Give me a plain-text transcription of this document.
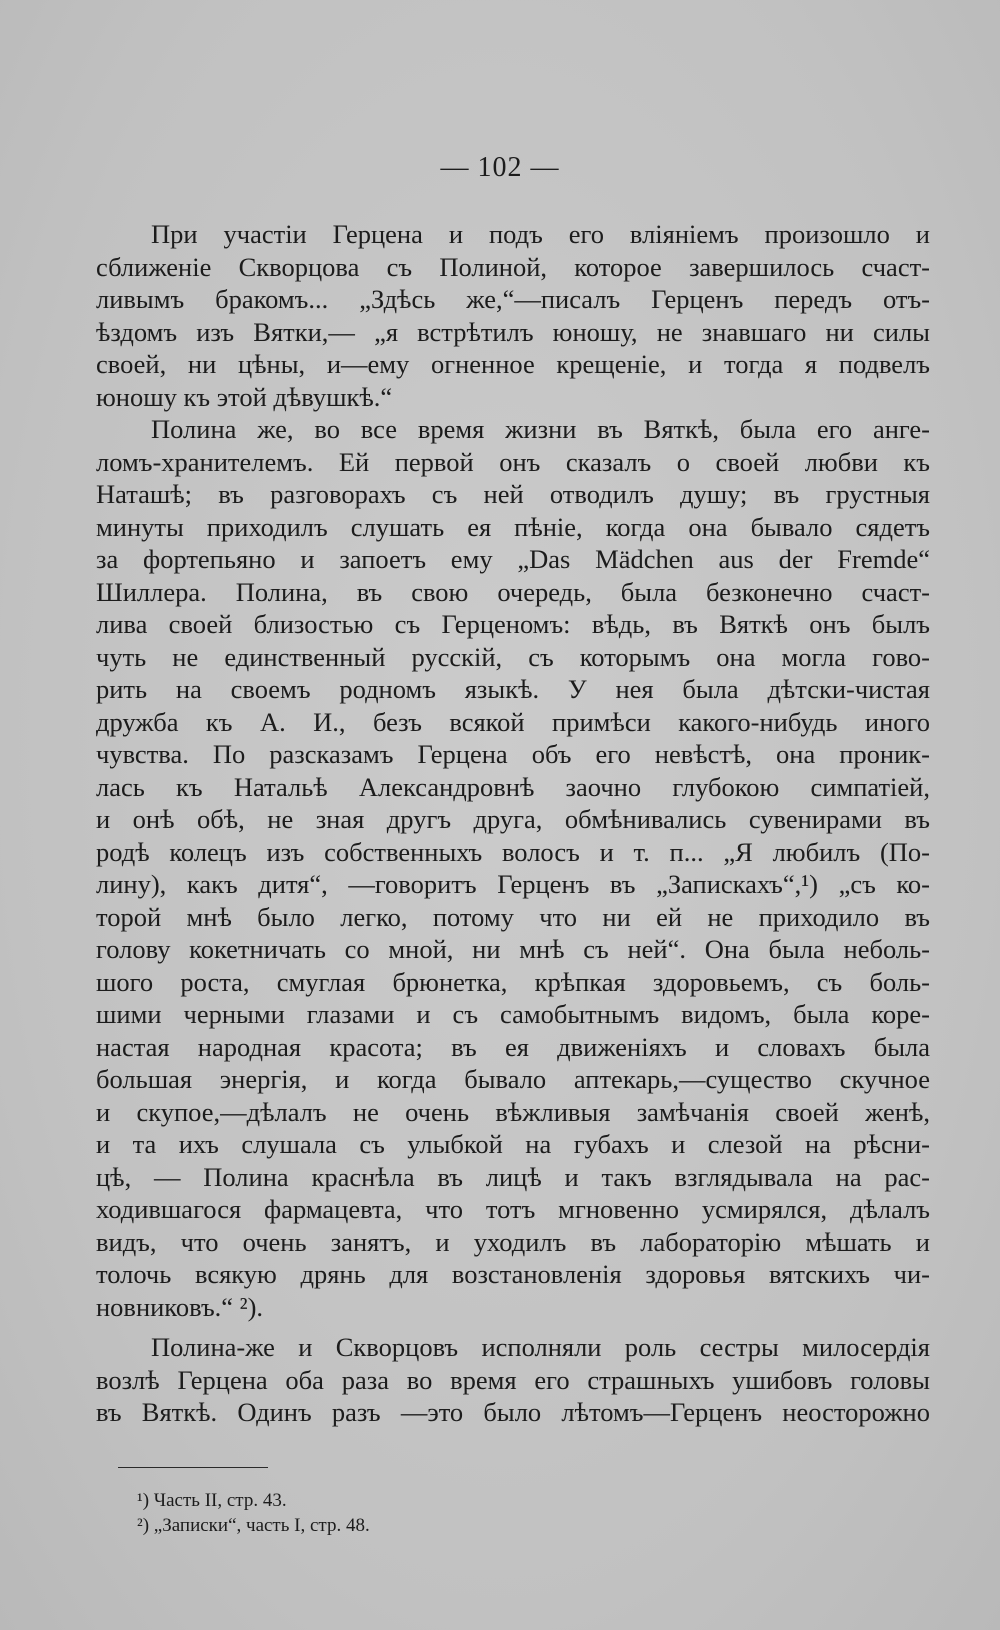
— 102 —
При участіи Герцена и подъ его вліяніемъ произошло и
сближеніе Скворцова съ Полиной, которое завершилось счаст-
ливымъ бракомъ... „Здѣсь же,“—писалъ Герценъ передъ отъ-
ѣздомъ изъ Вятки,— „я встрѣтилъ юношу, не знавшаго ни силы
своей, ни цѣны, и—ему огненное крещеніе, и тогда я подвелъ
юношу къ этой дѣвушкѣ.“
Полина же, во все время жизни въ Вяткѣ, была его анге-
ломъ-хранителемъ. Ей первой онъ сказалъ о своей любви къ
Наташѣ; въ разговорахъ съ ней отводилъ душу; въ грустныя
минуты приходилъ слушать ея пѣніе, когда она бывало сядетъ
за фортепьяно и запоетъ ему „Das Mädchen aus der Fremde“
Шиллера. Полина, въ свою очередь, была безконечно счаст-
лива своей близостью съ Герценомъ: вѣдь, въ Вяткѣ онъ былъ
чуть не единственный русскій, съ которымъ она могла гово-
рить на своемъ родномъ языкѣ. У нея была дѣтски-чистая
дружба къ А. И., безъ всякой примѣси какого-нибудь иного
чувства. По разсказамъ Герцена объ его невѣстѣ, она проник-
лась къ Натальѣ Александровнѣ заочно глубокою симпатіей,
и онѣ обѣ, не зная другъ друга, обмѣнивались сувенирами въ
родѣ колецъ изъ собственныхъ волосъ и т. п... „Я любилъ (По-
лину), какъ дитя“, —говоритъ Герценъ въ „Запискахъ“,¹) „съ ко-
торой мнѣ было легко, потому что ни ей не приходило въ
голову кокетничать со мной, ни мнѣ съ ней“. Она была неболь-
шого роста, смуглая брюнетка, крѣпкая здоровьемъ, съ боль-
шими черными глазами и съ самобытнымъ видомъ, была коре-
настая народная красота; въ ея движеніяхъ и словахъ была
большая энергія, и когда бывало аптекарь,—существо скучное
и скупое,—дѣлалъ не очень вѣжливыя замѣчанія своей женѣ,
и та ихъ слушала съ улыбкой на губахъ и слезой на рѣсни-
цѣ, — Полина краснѣла въ лицѣ и такъ взглядывала на рас-
ходившагося фармацевта, что тотъ мгновенно усмирялся, дѣлалъ
видъ, что очень занятъ, и уходилъ въ лабораторію мѣшать и
толочь всякую дрянь для возстановленія здоровья вятскихъ чи-
новниковъ.“ ²).
Полина-же и Скворцовъ исполняли роль сестры милосердія
возлѣ Герцена оба раза во время его страшныхъ ушибовъ головы
въ Вяткѣ. Одинъ разъ —это было лѣтомъ—Герценъ неосторожно
¹) Часть II, стр. 43.
²) „Записки“, часть I, стр. 48.
